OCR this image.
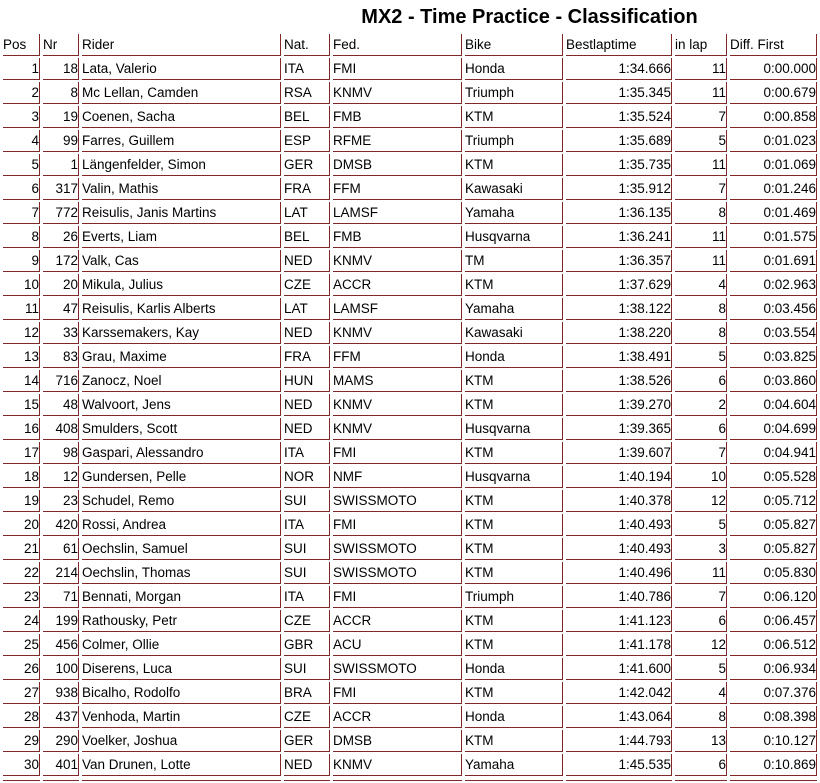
MX2 - Time Practice - Classification
Pos	Nr	Rider	Nat.	Fed.	Bike	Bestlaptime	in lap	Diff. First
1	18	Lata, Valerio	ITA	FMI	Honda	1:34.666	11	0:00.000
2	8	Mc Lellan, Camden	RSA	KNMV	Triumph	1:35.345	11	0:00.679
3	19	Coenen, Sacha	BEL	FMB	KTM	1:35.524	7	0:00.858
4	99	Farres, Guillem	ESP	RFME	Triumph	1:35.689	5	0:01.023
5	1	Längenfelder, Simon	GER	DMSB	KTM	1:35.735	11	0:01.069
6	317	Valin, Mathis	FRA	FFM	Kawasaki	1:35.912	7	0:01.246
7	772	Reisulis, Janis Martins	LAT	LAMSF	Yamaha	1:36.135	8	0:01.469
8	26	Everts, Liam	BEL	FMB	Husqvarna	1:36.241	11	0:01.575
9	172	Valk, Cas	NED	KNMV	TM	1:36.357	11	0:01.691
10	20	Mikula, Julius	CZE	ACCR	KTM	1:37.629	4	0:02.963
11	47	Reisulis, Karlis Alberts	LAT	LAMSF	Yamaha	1:38.122	8	0:03.456
12	33	Karssemakers, Kay	NED	KNMV	Kawasaki	1:38.220	8	0:03.554
13	83	Grau, Maxime	FRA	FFM	Honda	1:38.491	5	0:03.825
14	716	Zanocz, Noel	HUN	MAMS	KTM	1:38.526	6	0:03.860
15	48	Walvoort, Jens	NED	KNMV	KTM	1:39.270	2	0:04.604
16	408	Smulders, Scott	NED	KNMV	Husqvarna	1:39.365	6	0:04.699
17	98	Gaspari, Alessandro	ITA	FMI	KTM	1:39.607	7	0:04.941
18	12	Gundersen, Pelle	NOR	NMF	Husqvarna	1:40.194	10	0:05.528
19	23	Schudel, Remo	SUI	SWISSMOTO	KTM	1:40.378	12	0:05.712
20	420	Rossi, Andrea	ITA	FMI	KTM	1:40.493	5	0:05.827
21	61	Oechslin, Samuel	SUI	SWISSMOTO	KTM	1:40.493	3	0:05.827
22	214	Oechslin, Thomas	SUI	SWISSMOTO	KTM	1:40.496	11	0:05.830
23	71	Bennati, Morgan	ITA	FMI	Triumph	1:40.786	7	0:06.120
24	199	Rathousky, Petr	CZE	ACCR	KTM	1:41.123	6	0:06.457
25	456	Colmer, Ollie	GBR	ACU	KTM	1:41.178	12	0:06.512
26	100	Diserens, Luca	SUI	SWISSMOTO	Honda	1:41.600	5	0:06.934
27	938	Bicalho, Rodolfo	BRA	FMI	KTM	1:42.042	4	0:07.376
28	437	Venhoda, Martin	CZE	ACCR	Honda	1:43.064	8	0:08.398
29	290	Voelker, Joshua	GER	DMSB	KTM	1:44.793	13	0:10.127
30	401	Van Drunen, Lotte	NED	KNMV	Yamaha	1:45.535	6	0:10.869
